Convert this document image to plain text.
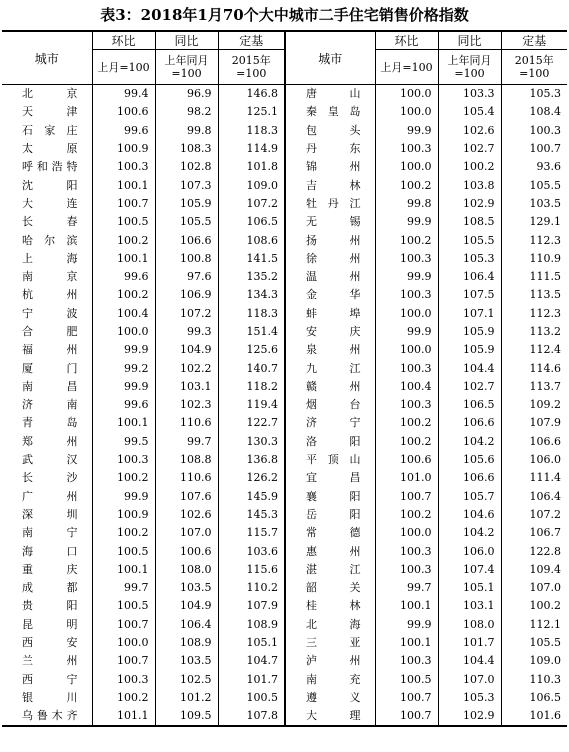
表3：2018年1月70个大中城市二手住宅销售价格指数
城市	环比	同比	定基	城市	环比	同比	定基
	上月=100	上年同月=100	2015年=100		上月=100	上年同月=100	2015年=100
北京	99.4	96.9	146.8	唐山	100.0	103.3	105.3
天津	100.6	98.2	125.1	秦皇岛	100.0	105.4	108.4
石家庄	99.6	99.8	118.3	包头	99.9	102.6	100.3
太原	100.9	108.3	114.9	丹东	100.3	102.7	100.7
呼和浩特	100.3	102.8	101.8	锦州	100.0	100.2	93.6
沈阳	100.1	107.3	109.0	吉林	100.2	103.8	105.5
大连	100.7	105.9	107.2	牡丹江	99.8	102.9	103.5
长春	100.5	105.5	106.5	无锡	99.9	108.5	129.1
哈尔滨	100.2	106.6	108.6	扬州	100.2	105.5	112.3
上海	100.1	100.8	141.5	徐州	100.3	105.3	110.9
南京	99.6	97.6	135.2	温州	99.9	106.4	111.5
杭州	100.2	106.9	134.3	金华	100.3	107.5	113.5
宁波	100.4	107.2	118.3	蚌埠	100.0	107.1	112.3
合肥	100.0	99.3	151.4	安庆	99.9	105.9	113.2
福州	99.9	104.9	125.6	泉州	100.0	105.9	112.4
厦门	99.2	102.2	140.7	九江	100.3	104.4	114.6
南昌	99.9	103.1	118.2	赣州	100.4	102.7	113.7
济南	99.6	102.3	119.4	烟台	100.3	106.5	109.2
青岛	100.1	110.6	122.7	济宁	100.2	106.6	107.9
郑州	99.5	99.7	130.3	洛阳	100.2	104.2	106.6
武汉	100.3	108.8	136.8	平顶山	100.6	105.6	106.0
长沙	100.2	110.6	126.2	宜昌	101.0	106.6	111.4
广州	99.9	107.6	145.9	襄阳	100.7	105.7	106.4
深圳	100.9	102.6	145.3	岳阳	100.2	104.6	107.2
南宁	100.2	107.0	115.7	常德	100.0	104.2	106.7
海口	100.5	100.6	103.6	惠州	100.3	106.0	122.8
重庆	100.1	108.0	115.6	湛江	100.3	107.4	109.4
成都	99.7	103.5	110.2	韶关	99.7	105.1	107.0
贵阳	100.5	104.9	107.9	桂林	100.1	103.1	100.2
昆明	100.7	106.4	108.9	北海	99.9	108.0	112.1
西安	100.0	108.9	105.1	三亚	100.1	101.7	105.5
兰州	100.7	103.5	104.7	泸州	100.3	104.4	109.0
西宁	100.3	102.5	101.7	南充	100.5	107.0	110.3
银川	100.2	101.2	100.5	遵义	100.7	105.3	106.5
乌鲁木齐	101.1	109.5	107.8	大理	100.7	102.9	101.6
